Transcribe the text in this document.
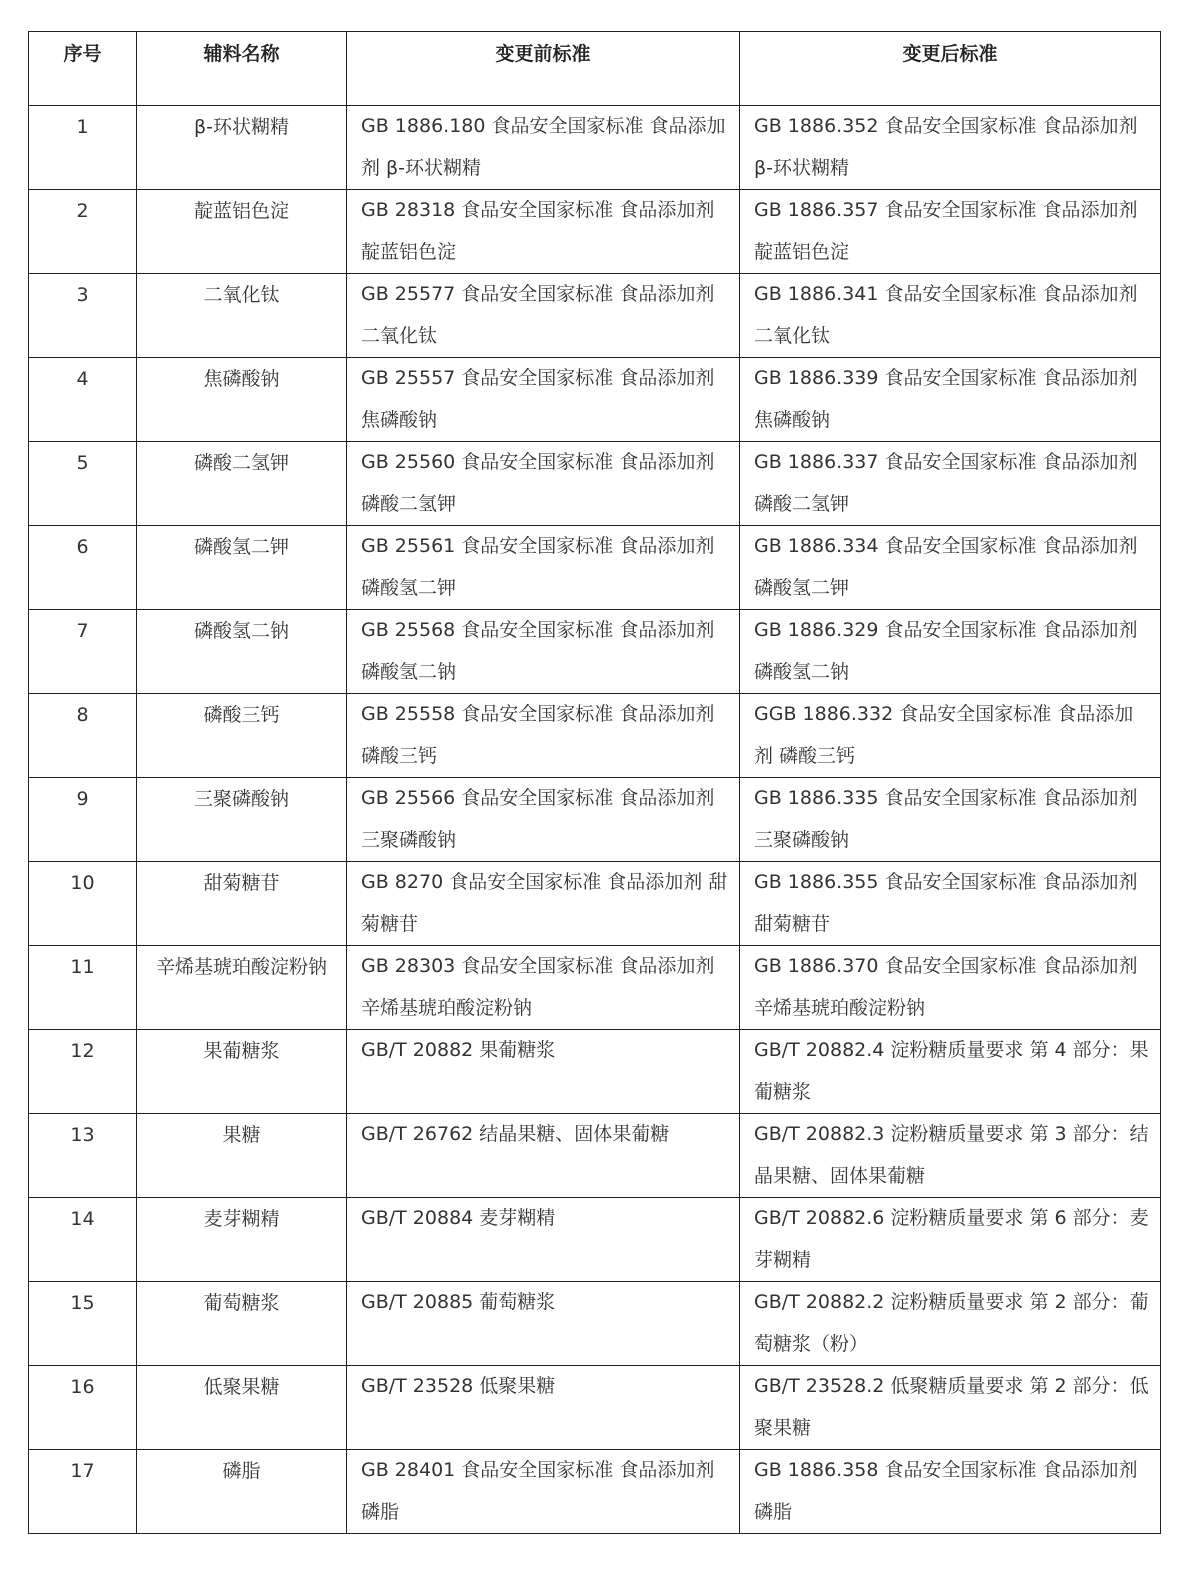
序号	辅料名称	变更前标准	变更后标准
1	β-环状糊精	GB 1886.180 食品安全国家标准 食品添加剂 β-环状糊精	GB 1886.352 食品安全国家标准 食品添加剂 β-环状糊精
2	靛蓝铝色淀	GB 28318 食品安全国家标准 食品添加剂 靛蓝铝色淀	GB 1886.357 食品安全国家标准 食品添加剂 靛蓝铝色淀
3	二氧化钛	GB 25577 食品安全国家标准 食品添加剂 二氧化钛	GB 1886.341 食品安全国家标准 食品添加剂 二氧化钛
4	焦磷酸钠	GB 25557 食品安全国家标准 食品添加剂 焦磷酸钠	GB 1886.339 食品安全国家标准 食品添加剂 焦磷酸钠
5	磷酸二氢钾	GB 25560 食品安全国家标准 食品添加剂 磷酸二氢钾	GB 1886.337 食品安全国家标准 食品添加剂 磷酸二氢钾
6	磷酸氢二钾	GB 25561 食品安全国家标准 食品添加剂 磷酸氢二钾	GB 1886.334 食品安全国家标准 食品添加剂 磷酸氢二钾
7	磷酸氢二钠	GB 25568 食品安全国家标准 食品添加剂 磷酸氢二钠	GB 1886.329 食品安全国家标准 食品添加剂 磷酸氢二钠
8	磷酸三钙	GB 25558 食品安全国家标准 食品添加剂 磷酸三钙	GGB 1886.332 食品安全国家标准 食品添加剂 磷酸三钙
9	三聚磷酸钠	GB 25566 食品安全国家标准 食品添加剂 三聚磷酸钠	GB 1886.335 食品安全国家标准 食品添加剂 三聚磷酸钠
10	甜菊糖苷	GB 8270 食品安全国家标准 食品添加剂 甜菊糖苷	GB 1886.355 食品安全国家标准 食品添加剂 甜菊糖苷
11	辛烯基琥珀酸淀粉钠	GB 28303 食品安全国家标准 食品添加剂 辛烯基琥珀酸淀粉钠	GB 1886.370 食品安全国家标准 食品添加剂 辛烯基琥珀酸淀粉钠
12	果葡糖浆	GB/T 20882 果葡糖浆	GB/T 20882.4 淀粉糖质量要求 第 4 部分：果葡糖浆
13	果糖	GB/T 26762 结晶果糖、固体果葡糖	GB/T 20882.3 淀粉糖质量要求 第 3 部分：结晶果糖、固体果葡糖
14	麦芽糊精	GB/T 20884 麦芽糊精	GB/T 20882.6 淀粉糖质量要求 第 6 部分：麦芽糊精
15	葡萄糖浆	GB/T 20885 葡萄糖浆	GB/T 20882.2 淀粉糖质量要求 第 2 部分：葡萄糖浆（粉）
16	低聚果糖	GB/T 23528 低聚果糖	GB/T 23528.2 低聚糖质量要求 第 2 部分：低聚果糖
17	磷脂	GB 28401 食品安全国家标准 食品添加剂 磷脂	GB 1886.358 食品安全国家标准 食品添加剂 磷脂
